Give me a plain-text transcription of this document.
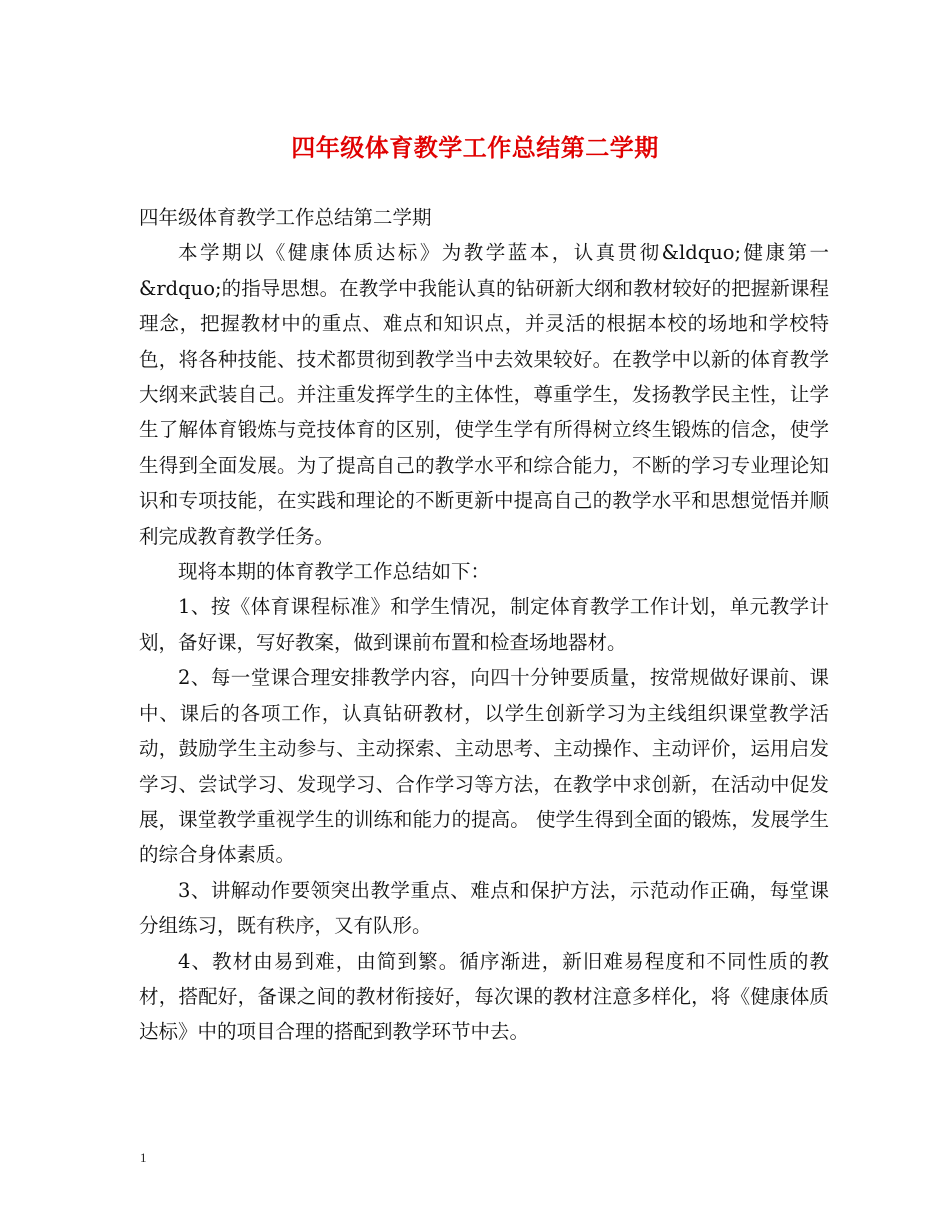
四年级体育教学工作总结第二学期

四年级体育教学工作总结第二学期

本学期以《健康体质达标》为教学蓝本，认真贯彻&ldquo;健康第一&rdquo;的指导思想。在教学中我能认真的钻研新大纲和教材较好的把握新课程理念，把握教材中的重点、难点和知识点，并灵活的根据本校的场地和学校特色，将各种技能、技术都贯彻到教学当中去效果较好。在教学中以新的体育教学大纲来武装自己。并注重发挥学生的主体性，尊重学生，发扬教学民主性，让学生了解体育锻炼与竞技体育的区别，使学生学有所得树立终生锻炼的信念，使学生得到全面发展。为了提高自己的教学水平和综合能力，不断的学习专业理论知识和专项技能，在实践和理论的不断更新中提高自己的教学水平和思想觉悟并顺利完成教育教学任务。

现将本期的体育教学工作总结如下：

1、按《体育课程标准》和学生情况，制定体育教学工作计划，单元教学计划，备好课，写好教案，做到课前布置和检查场地器材。

2、每一堂课合理安排教学内容，向四十分钟要质量，按常规做好课前、课中、课后的各项工作，认真钻研教材，以学生创新学习为主线组织课堂教学活动，鼓励学生主动参与、主动探索、主动思考、主动操作、主动评价，运用启发学习、尝试学习、发现学习、合作学习等方法，在教学中求创新，在活动中促发展，课堂教学重视学生的训练和能力的提高。 使学生得到全面的锻炼，发展学生的综合身体素质。

3、讲解动作要领突出教学重点、难点和保护方法，示范动作正确，每堂课分组练习，既有秩序，又有队形。

4、教材由易到难，由简到繁。循序渐进，新旧难易程度和不同性质的教材，搭配好，备课之间的教材衔接好，每次课的教材注意多样化，将《健康体质达标》中的项目合理的搭配到教学环节中去。

1
